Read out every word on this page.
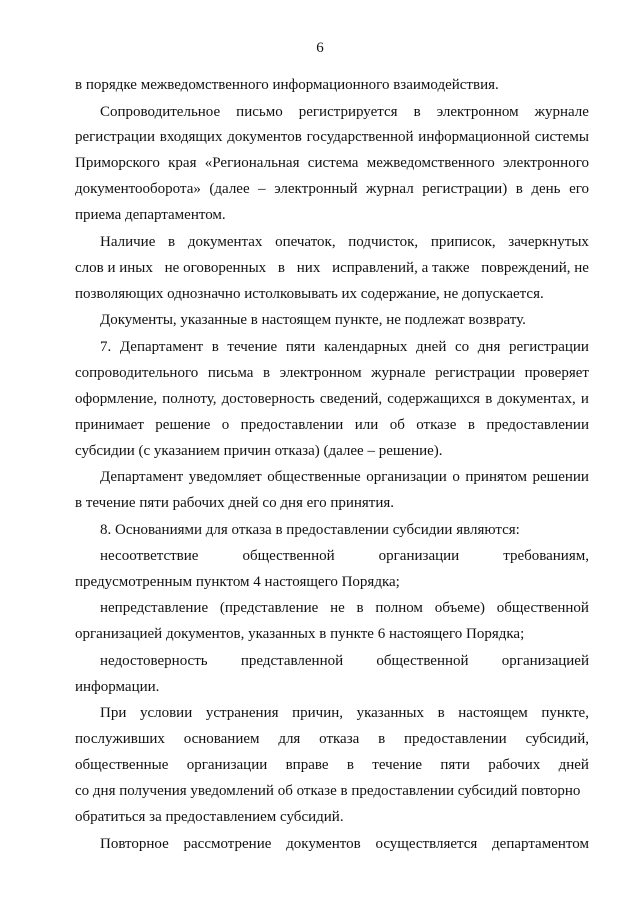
6
в порядке межведомственного информационного взаимодействия.
Сопроводительное письмо регистрируется в электронном журнале
регистрации входящих документов государственной информационной системы
Приморского края «Региональная система межведомственного электронного
документооборота» (далее – электронный журнал регистрации) в день его
приема департаментом.
Наличие в документах опечаток, подчисток, приписок, зачеркнутых
слов и иных не оговоренных в них исправлений, а также повреждений, не
позволяющих однозначно истолковывать их содержание, не допускается.
Документы, указанные в настоящем пункте, не подлежат возврату.
7. Департамент в течение пяти календарных дней со дня регистрации
сопроводительного письма в электронном журнале регистрации проверяет
оформление, полноту, достоверность сведений, содержащихся в документах, и
принимает решение о предоставлении или об отказе в предоставлении
субсидии (с указанием причин отказа) (далее – решение).
Департамент уведомляет общественные организации о принятом решении
в течение пяти рабочих дней со дня его принятия.
8. Основаниями для отказа в предоставлении субсидии являются:
несоответствие	общественной	организации	требованиям,
предусмотренным пунктом 4 настоящего Порядка;
непредставление (представление не в полном объеме) общественной
организацией документов, указанных в пункте 6 настоящего Порядка;
недостоверность представленной общественной организацией
информации.
При условии устранения причин, указанных в настоящем пункте,
послуживших основанием для отказа в предоставлении субсидий,
общественные организации вправе в течение пяти рабочих дней
со дня получения уведомлений об отказе в предоставлении субсидий повторно
обратиться за предоставлением субсидий.
Повторное рассмотрение документов осуществляется департаментом
